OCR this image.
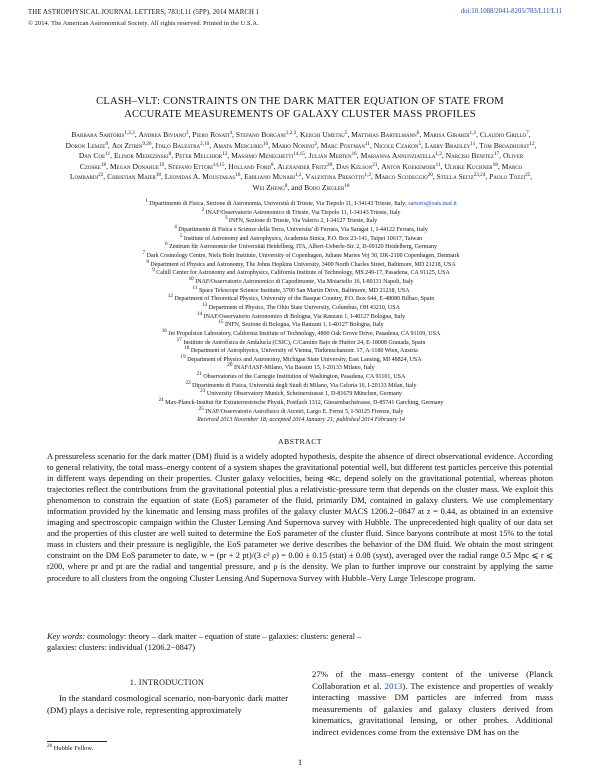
THE ASTROPHYSICAL JOURNAL LETTERS, 783:L11 (5PP), 2014 MARCH 1
© 2014. The American Astronomical Society. All rights reserved. Printed in the U.S.A.
doi:10.1088/2041-8205/783/L11/L11
CLASH–VLT: CONSTRAINTS ON THE DARK MATTER EQUATION OF STATE FROM
ACCURATE MEASUREMENTS OF GALAXY CLUSTER MASS PROFILES
Barbara Sartoris$^{1,2,3}$, Andrea Biviano$^2$, Piero Rosati$^4$, Stefano Borgani$^{1,2,3}$, Keiichi Umetsu$^5$, Matthias Bartelmann$^6$, Marisa Girardi$^{1,2}$, Claudio Grillo$^7$, Doron Lemze$^8$, Adi Zitrin$^{9,26}$, Italo Balestra$^{2,10}$, Amata Mercurio$^{10}$, Mario Nonino$^2$, Marc Postman$^{11}$, Nicole Czakon$^5$, Larry Bradley$^{11}$, Tom Broadhurst$^{12}$, Dan Coe$^{11}$, Elinor Medezinski$^8$, Peter Melchior$^{13}$, Massimo Meneghetti$^{14,15}$, Julian Merten$^{16}$, Marianna Annunziatella$^{1,2}$, Narciso Benitez$^{17}$, Oliver Czoske$^{18}$, Megan Donahue$^{19}$, Stefano Ettori$^{14,15}$, Holland Ford$^8$, Alexander Fritz$^{20}$, Dan Kelson$^{21}$, Anton Koekemoer$^{11}$, Ulrike Kuchner$^{18}$, Marco Lombardi$^{22}$, Christian Maier$^{18}$, Leonidas A. Moustakas$^{16}$, Emiliano Munari$^{1,2}$, Valentina Presotto$^{1,2}$, Marco Scodeggio$^{20}$, Stella Seitz$^{23,24}$, Paolo Tozzi$^{25}$, Wei Zheng$^8$, and Bodo Ziegler$^{18}$
$^1$ Dipartimento di Fisica, Sezione di Astronomia, Università di Trieste, Via Tiepolo 11, I-34143 Trieste, Italy; sartoris@oats.inaf.it
$^2$ INAF/Osservatorio Astronomico di Trieste, Via Tiepolo 11, I-34143 Trieste, Italy
$^3$ INFN, Sezione di Trieste, Via Valerio 2, I-34127 Trieste, Italy
$^4$ Dipartimento di Fisica e Scienze della Terra, Universita' di Ferrara, Via Saragat 1, I-44122 Ferrara, Italy
$^5$ Institute of Astronomy and Astrophysics, Academia Sinica, P.O. Box 23-141, Taipei 10617, Taiwan
$^6$ Zentrum für Astronomie der Universität Heidelberg, ITA, Albert-Ueberle-Str. 2, D-69120 Heidelberg, Germany
$^7$ Dark Cosmology Centre, Niels Bohr Institute, University of Copenhagen, Juliane Maries Vej 30, DK-2100 Copenhagen, Denmark
$^8$ Department of Physics and Astronomy, The Johns Hopkins University, 3400 North Charles Street, Baltimore, MD 21218, USA
$^9$ Cahill Center for Astronomy and Astrophysics, California Institute of Technology, MS 249-17, Pasadena, CA 91125, USA
$^{10}$ INAF/Osservatorio Astronomico di Capodimonte, Via Moiariello 16, I-80131 Napoli, Italy
$^{11}$ Space Telescope Science Institute, 3700 San Martin Drive, Baltimore, MD 21218, USA
$^{12}$ Department of Theoretical Physics, University of the Basque Country, P.O. Box 644, E-48080 Bilbao, Spain
$^{13}$ Department of Physics, The Ohio State University, Columbus, OH 43210, USA
$^{14}$ INAF/Osservatorio Astronomico di Bologna, Via Ranzani 1, I-40127 Bologna, Italy
$^{15}$ INFN, Sezione di Bologna, Via Ranzani 1, I-40127 Bologna, Italy
$^{16}$ Jet Propulsion Laboratory, California Institute of Technology, 4800 Oak Grove Drive, Pasadena, CA 91109, USA
$^{17}$ Instituto de Astrofísica de Andalucía (CSIC), C/Camino Bajo de Huétor 24, E-18008 Granada, Spain
$^{18}$ Department of Astrophysics, University of Vienna, Türkenschanzstr. 17, A-1180 Wien, Austria
$^{19}$ Department of Physics and Astronomy, Michigan State University, East Lansing, MI 48824, USA
$^{20}$ INAF/IASF-Milano, Via Bassini 15, I-20133 Milano, Italy
$^{21}$ Observatories of the Carnegie Institution of Washington, Pasadena, CA 91101, USA
$^{22}$ Dipartimento di Fisica, Università degli Studi di Milano, Via Celoria 16, I-20133 Milan, Italy
$^{23}$ University Observatory Munich, Scheinerstrasse 1, D-81679 München, Germany
$^{24}$ Max-Planck-Institut für Extraterrestrische Physik, Postfach 1312, Giessenbachstrasse, D-85741 Garching, Germany
$^{25}$ INAF/Osservatorio Astrofisico di Arcetri, Largo E. Fermi 5, I-50125 Firenze, Italy
Received 2013 November 18; accepted 2014 January 21; published 2014 February 14
ABSTRACT
A pressureless scenario for the dark matter (DM) fluid is a widely adopted hypothesis, despite the absence of direct observational evidence. According to general relativity, the total mass–energy content of a system shapes the gravitational potential well, but different test particles perceive this potential in different ways depending on their properties. Cluster galaxy velocities, being ≪c, depend solely on the gravitational potential, whereas photon trajectories reflect the contributions from the gravitational potential plus a relativistic-pressure term that depends on the cluster mass. We exploit this phenomenon to constrain the equation of state (EoS) parameter of the fluid, primarily DM, contained in galaxy clusters. We use complementary information provided by the kinematic and lensing mass profiles of the galaxy cluster MACS 1206.2−0847 at z = 0.44, as obtained in an extensive imaging and spectroscopic campaign within the Cluster Lensing And Supernova survey with Hubble. The unprecedented high quality of our data set and the properties of this cluster are well suited to determine the EoS parameter of the cluster fluid. Since baryons contribute at most 15% to the total mass in clusters and their pressure is negligible, the EoS parameter we derive describes the behavior of the DM fluid. We obtain the most stringent constraint on the DM EoS parameter to date, w = (pr + 2 pt)/(3 c² ρ) = 0.00 ± 0.15 (stat) ± 0.08 (syst), averaged over the radial range 0.5 Mpc ⩽ r ⩽ r200, where pr and pt are the radial and tangential pressure, and ρ is the density. We plan to further improve our constraint by applying the same procedure to all clusters from the ongoing Cluster Lensing And Supernova Survey with Hubble–Very Large Telescope program.
Key words: cosmology: theory – dark matter – equation of state – galaxies: clusters: general –
galaxies: clusters: individual (1206.2−0847)
1. INTRODUCTION
In the standard cosmological scenario, non-baryonic dark matter (DM) plays a decisive role, representing approximately
27% of the mass–energy content of the universe (Planck Collaboration et al. 2013). The existence and properties of weakly interacting massive DM particles are inferred from mass measurements of galaxies and galaxy clusters derived from kinematics, gravitational lensing, or other probes. Additional indirect evidences come from the extensive DM has on the
$^{26}$ Hubble Fellow.
1
